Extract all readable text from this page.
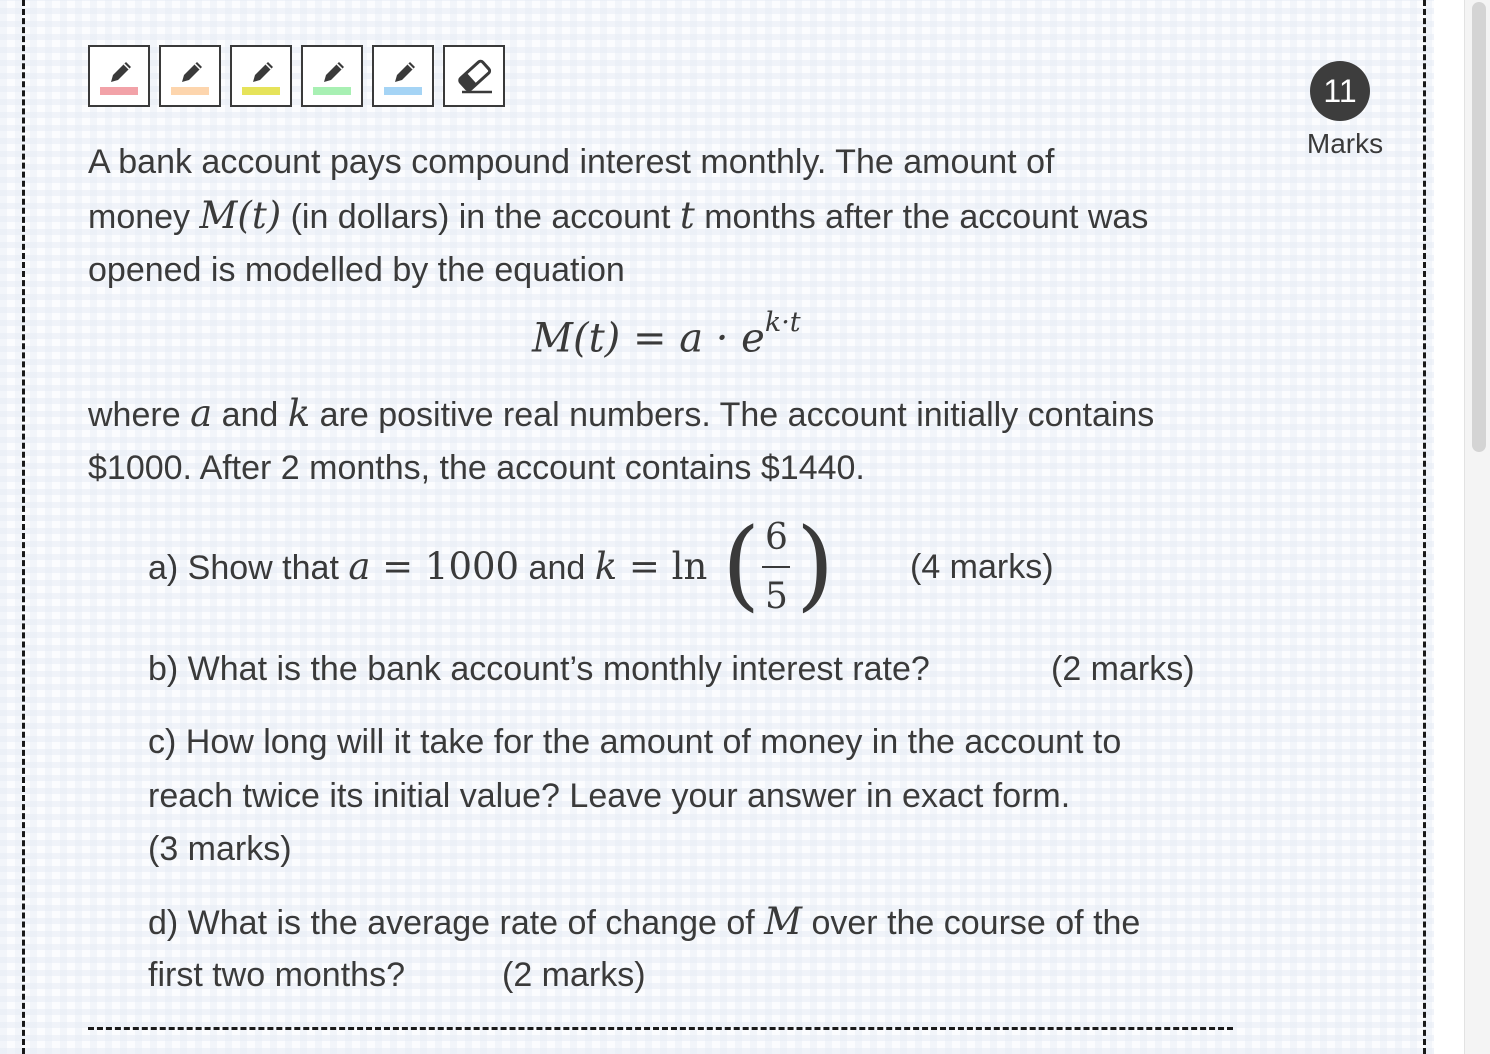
11
Marks
A bank account pays compound interest monthly. The amount of
money M(t) (in dollars) in the account t months after the account was
opened is modelled by the equation
$M(t) = a \cdot e^{k\cdot t}$
where a and k are positive real numbers. The account initially contains
$1000. After 2 months, the account contains $1440.
a) Show that a = 1000 and k = ln ( 6
5 ) (4 marks)
b) What is the bank account’s monthly interest rate?	(2 marks)
c) How long will it take for the amount of money in the account to
reach twice its initial value? Leave your answer in exact form.
(3 marks)
d) What is the average rate of change of M over the course of the
first two months?	(2 marks)
